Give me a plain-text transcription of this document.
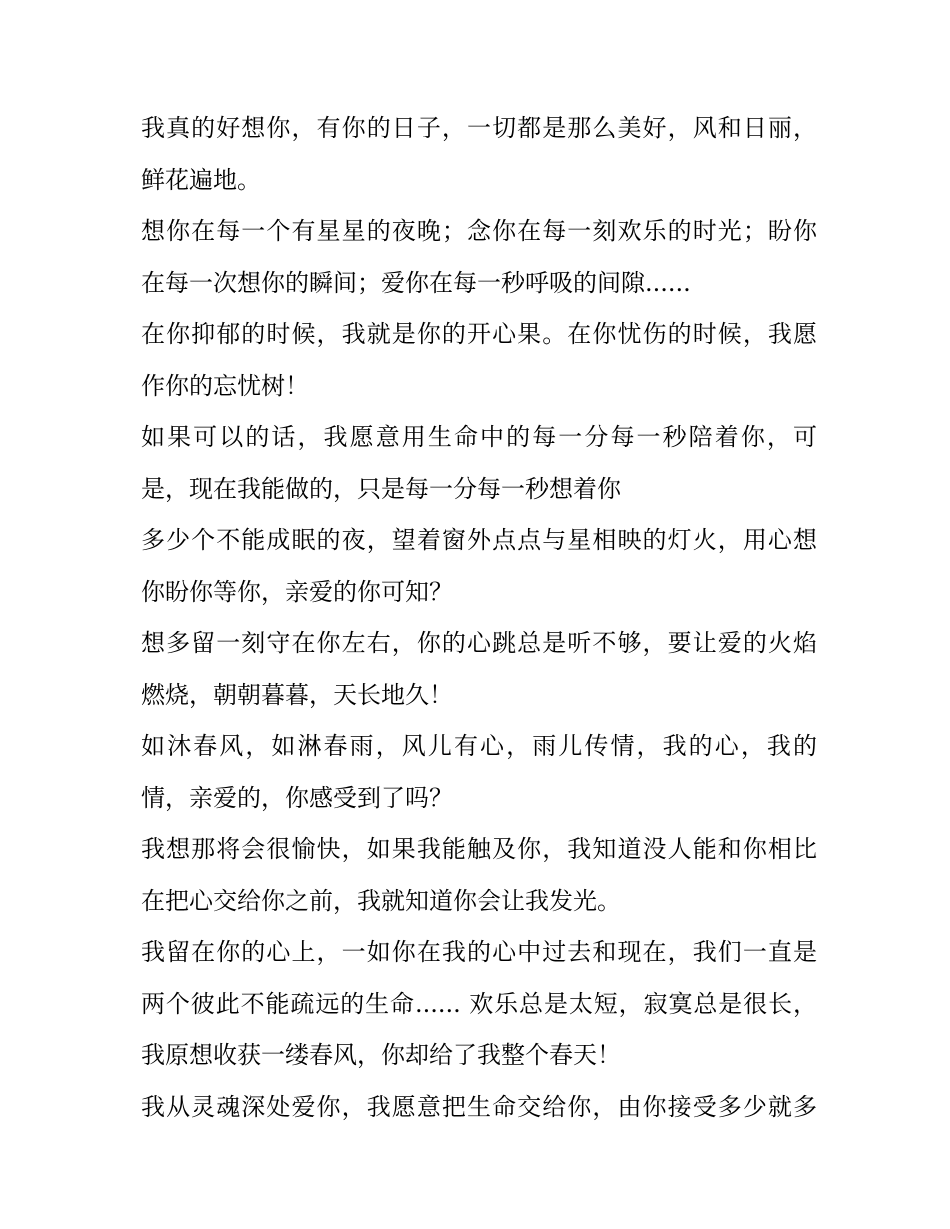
我真的好想你，有你的日子，一切都是那么美好，风和日丽，
鲜花遍地。
想你在每一个有星星的夜晚；念你在每一刻欢乐的时光；盼你
在每一次想你的瞬间；爱你在每一秒呼吸的间隙......
在你抑郁的时候，我就是你的开心果。在你忧伤的时候，我愿
作你的忘忧树！
如果可以的话，我愿意用生命中的每一分每一秒陪着你，可
是，现在我能做的，只是每一分每一秒想着你
多少个不能成眠的夜，望着窗外点点与星相映的灯火，用心想
你盼你等你，亲爱的你可知？
想多留一刻守在你左右，你的心跳总是听不够，要让爱的火焰
燃烧，朝朝暮暮，天长地久！
如沐春风，如淋春雨，风儿有心，雨儿传情，我的心，我的
情，亲爱的，你感受到了吗？
我想那将会很愉快，如果我能触及你，我知道没人能和你相比
在把心交给你之前，我就知道你会让我发光。
我留在你的心上，一如你在我的心中过去和现在，我们一直是
两个彼此不能疏远的生命...... 欢乐总是太短，寂寞总是很长，
我原想收获一缕春风，你却给了我整个春天！
我从灵魂深处爱你，我愿意把生命交给你，由你接受多少就多
